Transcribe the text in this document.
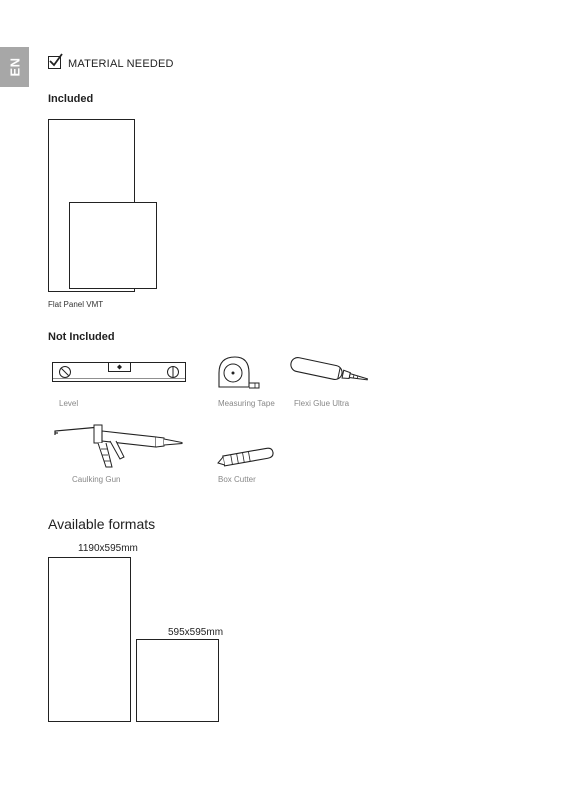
EN	MATERIAL NEEDED
Included
Flat Panel VMT
Not Included
Level	Measuring Tape Flexi Glue Ultra
Caulking Gun	Box Cutter
Available formats
1190x595mm
595x595mm
